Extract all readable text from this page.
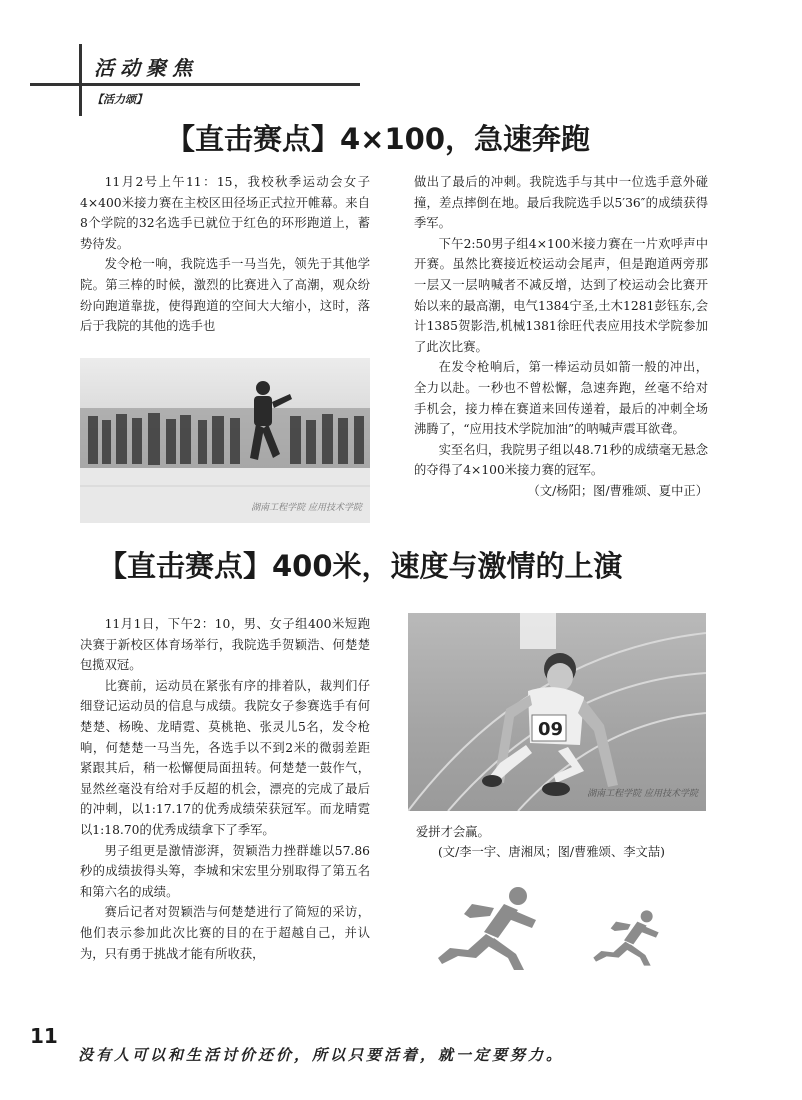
活动聚焦
【活力颂】
【直击赛点】4×100，急速奔跑

11月2号上午11：15，我校秋季运动会女子4×400米接力赛在主校区田径场正式拉开帷幕。来自8个学院的32名选手已就位于红色的环形跑道上，蓄势待发。

发令枪一响，我院选手一马当先，领先于其他学院。第三棒的时候，激烈的比赛进入了高潮，观众纷纷向跑道靠拢，使得跑道的空间大大缩小，这时，落后于我院的其他的选手也

湖南工程学院 应用技术学院

做出了最后的冲刺。我院选手与其中一位选手意外碰撞，差点摔倒在地。最后我院选手以5′36″的成绩获得季军。

下午2:50男子组4×100米接力赛在一片欢呼声中开赛。虽然比赛接近校运动会尾声，但是跑道两旁那一层又一层呐喊者不减反增，达到了校运动会比赛开始以来的最高潮，电气1384宁圣,土木1281彭钰东,会计1385贺影浩,机械1381徐旺代表应用技术学院参加了此次比赛。

在发令枪响后，第一棒运动员如箭一般的冲出，全力以赴。一秒也不曾松懈，急速奔跑，丝毫不给对手机会，接力棒在赛道来回传递着，最后的冲刺全场沸腾了，“应用技术学院加油”的呐喊声震耳欲聋。

实至名归，我院男子组以48.71秒的成绩毫无悬念的夺得了4×100米接力赛的冠军。

（文/杨阳；图/曹雅颂、夏中正）

【直击赛点】400米，速度与激情的上演

11月1日，下午2：10，男、女子组400米短跑决赛于新校区体育场举行，我院选手贺颖浩、何楚楚包揽双冠。

比赛前，运动员在紧张有序的排着队，裁判们仔细登记运动员的信息与成绩。我院女子参赛选手有何楚楚、杨晚、龙晴霓、莫桃艳、张灵儿5名，发令枪响，何楚楚一马当先，各选手以不到2米的微弱差距紧跟其后，稍一松懈便局面扭转。何楚楚一鼓作气，显然丝毫没有给对手反超的机会，漂亮的完成了最后的冲刺，以1:17.17的优秀成绩荣获冠军。而龙晴霓以1:18.70的优秀成绩拿下了季军。

男子组更是激情澎湃，贺颖浩力挫群雄以57.86秒的成绩拔得头筹，李城和宋宏里分别取得了第五名和第六名的成绩。

赛后记者对贺颖浩与何楚楚进行了简短的采访，他们表示参加此次比赛的目的在于超越自己，并认为，只有勇于挑战才能有所收获，

09
湖南工程学院 应用技术学院
爱拼才会赢。
(文/李一宇、唐湘凤；图/曹雅颂、李文喆)
11
没有人可以和生活讨价还价，所以只要活着，就一定要努力。
